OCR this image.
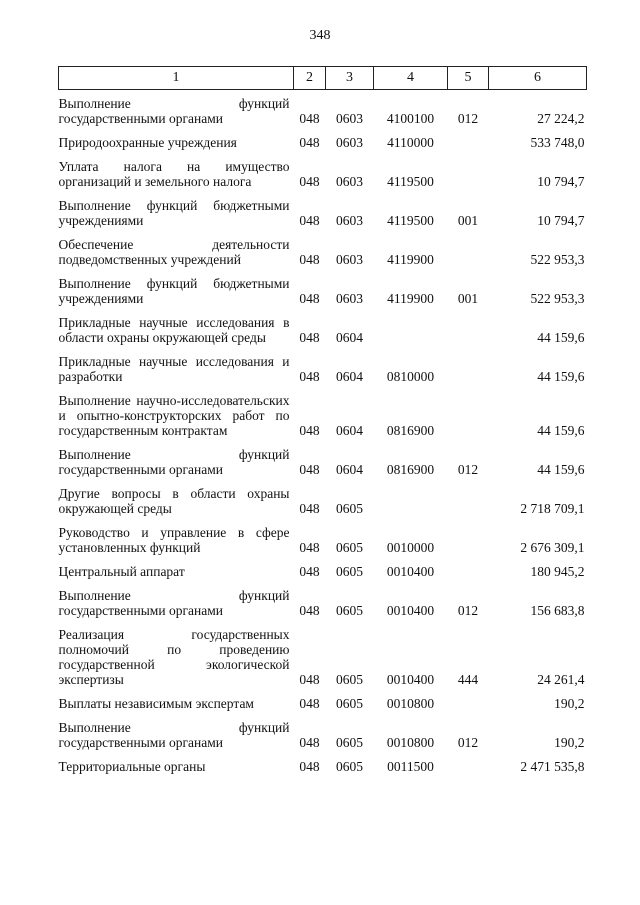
348
1	2	3	4	5	6
Выполнение функций государственными органами	048	0603	4100100	012	27 224,2
Природоохранные учреждения	048	0603	4110000		533 748,0
Уплата налога на имущество организаций и земельного налога	048	0603	4119500		10 794,7
Выполнение функций бюджетными учреждениями	048	0603	4119500	001	10 794,7
Обеспечение деятельности подведомственных учреждений	048	0603	4119900		522 953,3
Выполнение функций бюджетными учреждениями	048	0603	4119900	001	522 953,3
Прикладные научные исследования в области охраны окружающей среды	048	0604			44 159,6
Прикладные научные исследования и разработки	048	0604	0810000		44 159,6
Выполнение научно-исследовательских и опытно-конструкторских работ по государственным контрактам	048	0604	0816900		44 159,6
Выполнение функций государственными органами	048	0604	0816900	012	44 159,6
Другие вопросы в области охраны окружающей среды	048	0605			2 718 709,1
Руководство и управление в сфере установленных функций	048	0605	0010000		2 676 309,1
Центральный аппарат	048	0605	0010400		180 945,2
Выполнение функций государственными органами	048	0605	0010400	012	156 683,8
Реализация государственных полномочий по проведению государственной экологической экспертизы	048	0605	0010400	444	24 261,4
Выплаты независимым экспертам	048	0605	0010800		190,2
Выполнение функций государственными органами	048	0605	0010800	012	190,2
Территориальные органы	048	0605	0011500		2 471 535,8
